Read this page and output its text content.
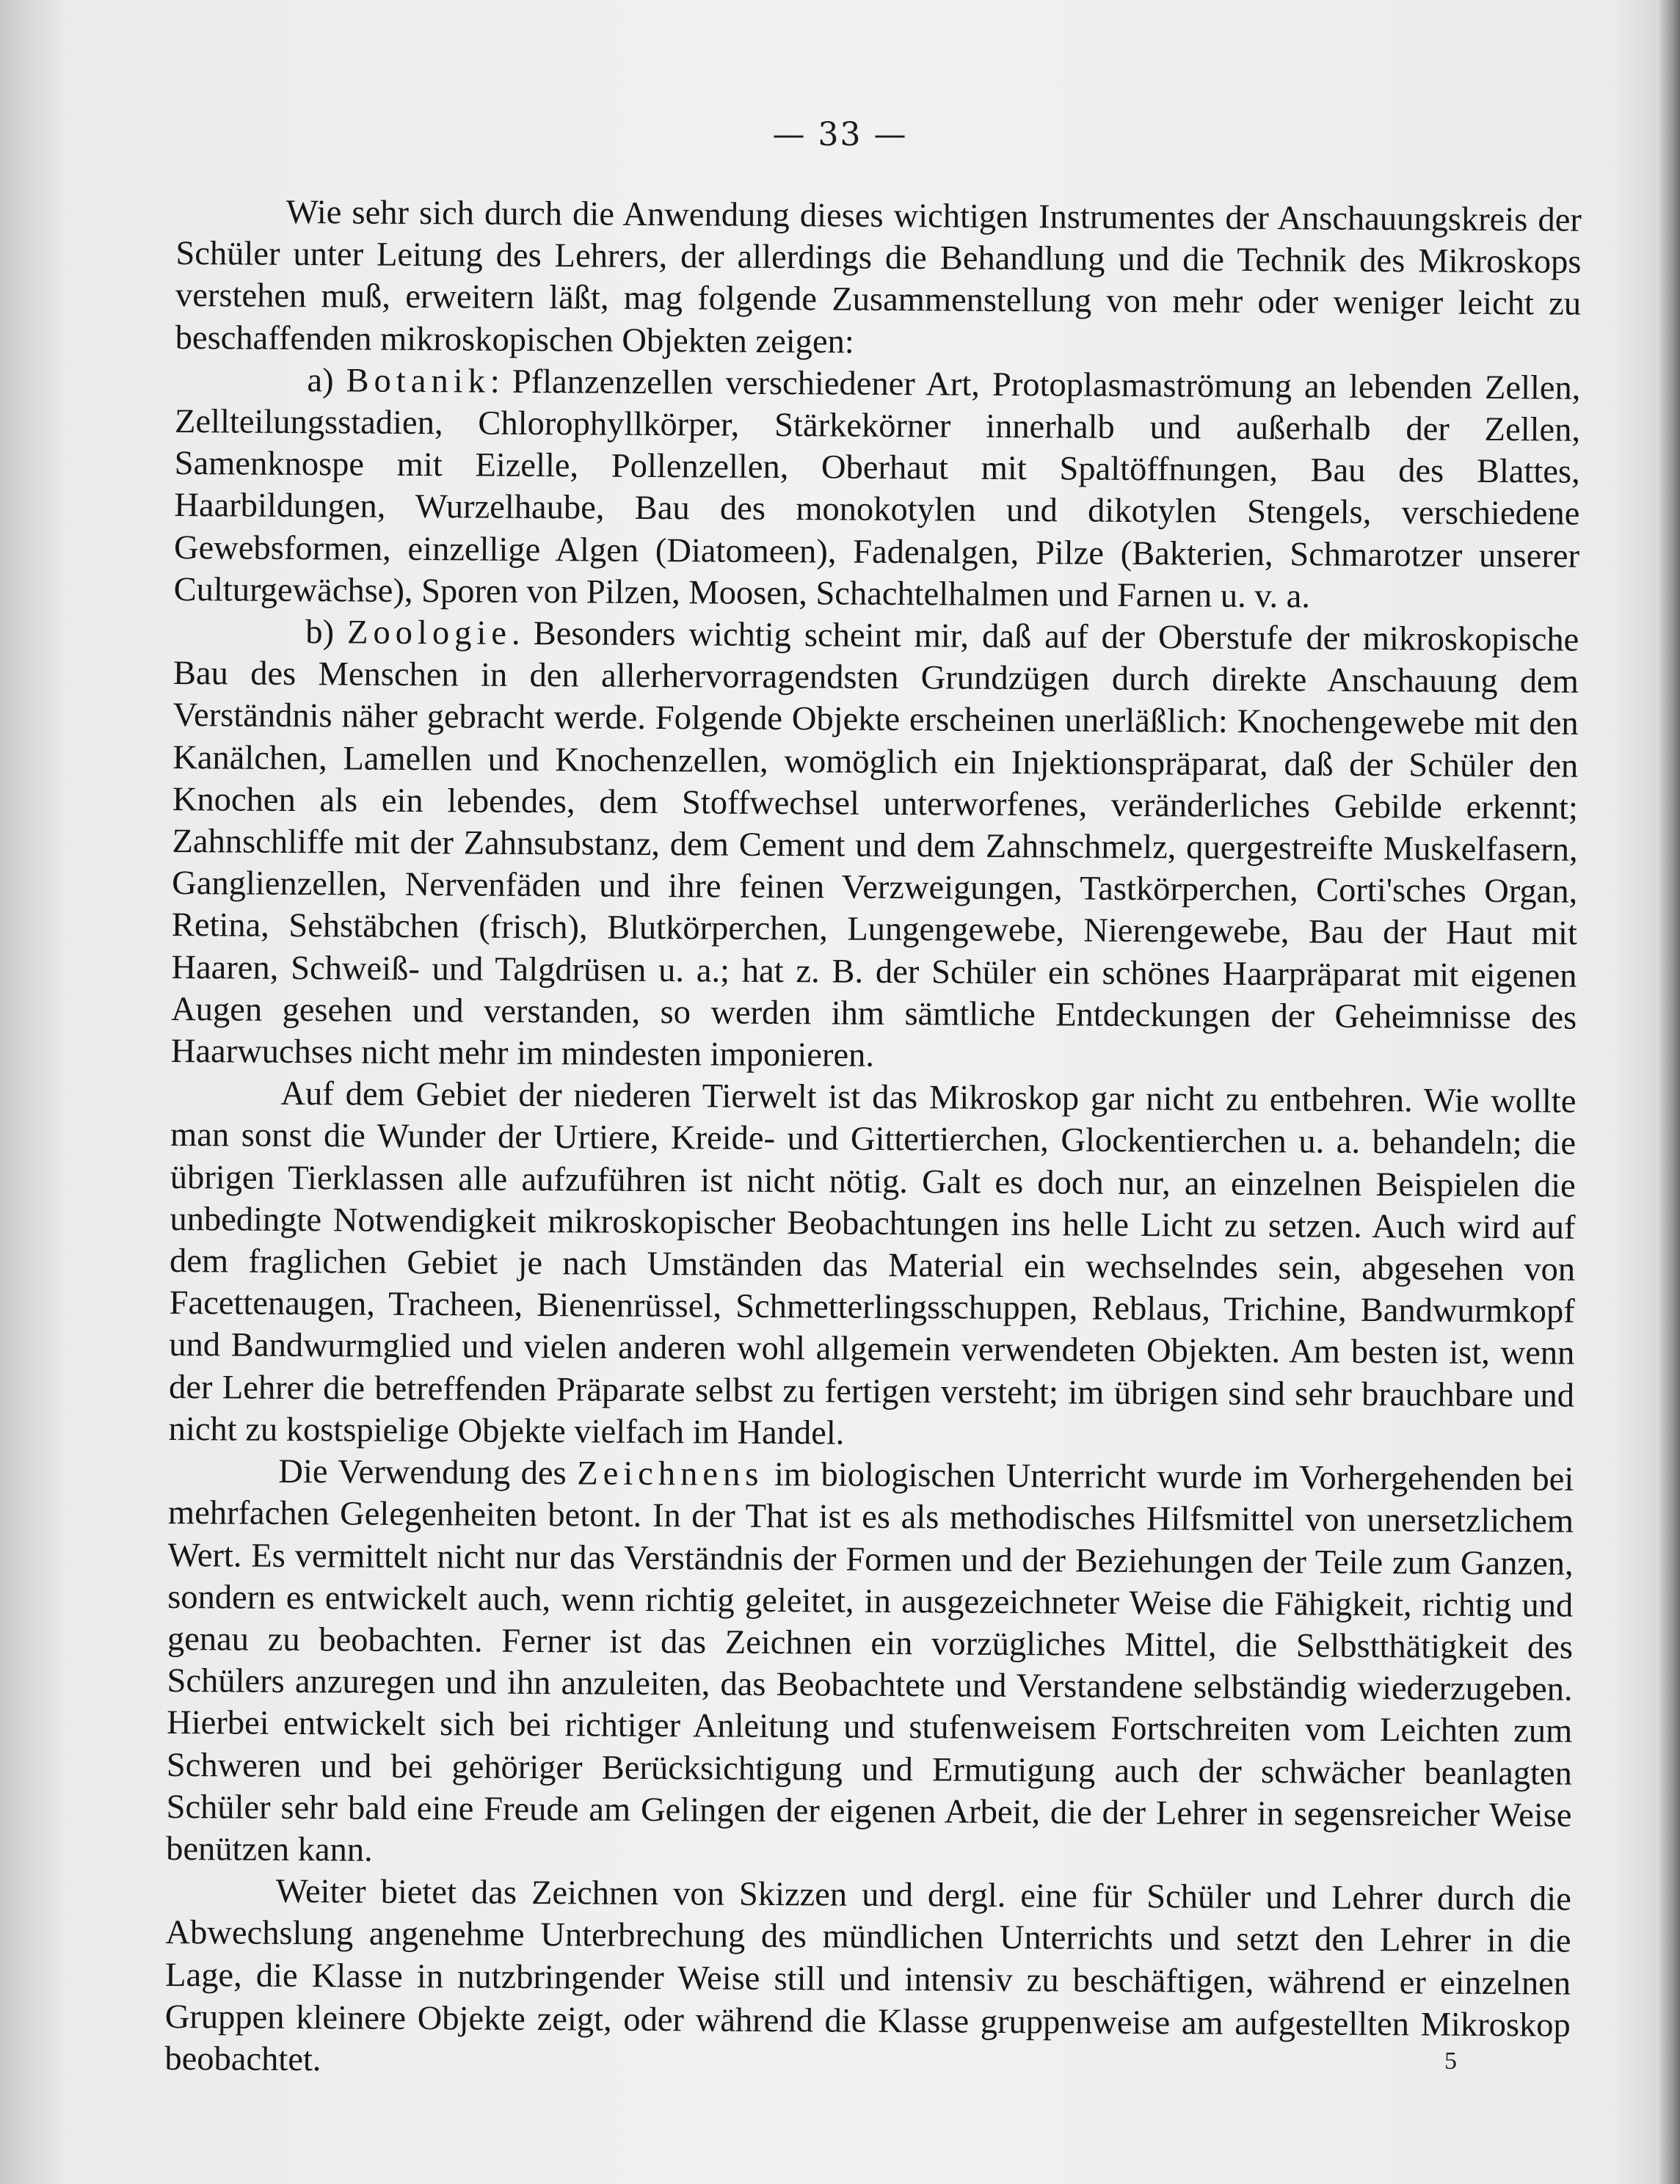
— 33 —

Wie sehr sich durch die Anwendung dieses wichtigen Instrumentes der Anschauungskreis der Schüler unter Leitung des Lehrers, der allerdings die Behandlung und die Technik des Mikroskops verstehen muß, erweitern läßt, mag folgende Zusammenstellung von mehr oder weniger leicht zu beschaffenden mikroskopischen Objekten zeigen:

a) Botanik: Pflanzenzellen verschiedener Art, Protoplasmaströmung an lebenden Zellen, Zellteilungsstadien, Chlorophyllkörper, Stärkekörner innerhalb und außerhalb der Zellen, Samenknospe mit Eizelle, Pollenzellen, Oberhaut mit Spaltöffnungen, Bau des Blattes, Haarbildungen, Wurzelhaube, Bau des monokotylen und dikotylen Stengels, verschiedene Gewebsformen, einzellige Algen (Diatomeen), Fadenalgen, Pilze (Bakterien, Schmarotzer unserer Culturgewächse), Sporen von Pilzen, Moosen, Schachtelhalmen und Farnen u. v. a.

b) Zoologie. Besonders wichtig scheint mir, daß auf der Oberstufe der mikroskopische Bau des Menschen in den allerhervorragendsten Grundzügen durch direkte Anschauung dem Verständnis näher gebracht werde. Folgende Objekte erscheinen unerläßlich: Knochengewebe mit den Kanälchen, Lamellen und Knochenzellen, womöglich ein Injektionspräparat, daß der Schüler den Knochen als ein lebendes, dem Stoffwechsel unterworfenes, veränderliches Gebilde erkennt; Zahnschliffe mit der Zahnsubstanz, dem Cement und dem Zahnschmelz, quergestreifte Muskelfasern, Ganglienzellen, Nervenfäden und ihre feinen Verzweigungen, Tastkörperchen, Corti'sches Organ, Retina, Sehstäbchen (frisch), Blutkörperchen, Lungengewebe, Nierengewebe, Bau der Haut mit Haaren, Schweiß- und Talgdrüsen u. a.; hat z. B. der Schüler ein schönes Haarpräparat mit eigenen Augen gesehen und verstanden, so werden ihm sämtliche Entdeckungen der Geheimnisse des Haarwuchses nicht mehr im mindesten imponieren.

Auf dem Gebiet der niederen Tierwelt ist das Mikroskop gar nicht zu entbehren. Wie wollte man sonst die Wunder der Urtiere, Kreide- und Gittertierchen, Glockentierchen u. a. behandeln; die übrigen Tierklassen alle aufzuführen ist nicht nötig. Galt es doch nur, an einzelnen Beispielen die unbedingte Notwendigkeit mikroskopischer Beobachtungen ins helle Licht zu setzen. Auch wird auf dem fraglichen Gebiet je nach Umständen das Material ein wechselndes sein, abgesehen von Facettenaugen, Tracheen, Bienenrüssel, Schmetterlingsschuppen, Reblaus, Trichine, Bandwurmkopf und Bandwurmglied und vielen anderen wohl allgemein verwendeten Objekten. Am besten ist, wenn der Lehrer die betreffenden Präparate selbst zu fertigen versteht; im übrigen sind sehr brauchbare und nicht zu kostspielige Objekte vielfach im Handel.

Die Verwendung des Zeichnens im biologischen Unterricht wurde im Vorhergehenden bei mehrfachen Gelegenheiten betont. In der That ist es als methodisches Hilfsmittel von unersetzlichem Wert. Es vermittelt nicht nur das Verständnis der Formen und der Beziehungen der Teile zum Ganzen, sondern es entwickelt auch, wenn richtig geleitet, in ausgezeichneter Weise die Fähigkeit, richtig und genau zu beobachten. Ferner ist das Zeichnen ein vorzügliches Mittel, die Selbstthätigkeit des Schülers anzuregen und ihn anzuleiten, das Beobachtete und Verstandene selbständig wiederzugeben. Hierbei entwickelt sich bei richtiger Anleitung und stufenweisem Fortschreiten vom Leichten zum Schweren und bei gehöriger Berücksichtigung und Ermutigung auch der schwächer beanlagten Schüler sehr bald eine Freude am Gelingen der eigenen Arbeit, die der Lehrer in segensreicher Weise benützen kann.

Weiter bietet das Zeichnen von Skizzen und dergl. eine für Schüler und Lehrer durch die Abwechslung angenehme Unterbrechung des mündlichen Unterrichts und setzt den Lehrer in die Lage, die Klasse in nutzbringender Weise still und intensiv zu beschäftigen, während er einzelnen Gruppen kleinere Objekte zeigt, oder während die Klasse gruppenweise am aufgestellten Mikroskop beobachtet.	5
